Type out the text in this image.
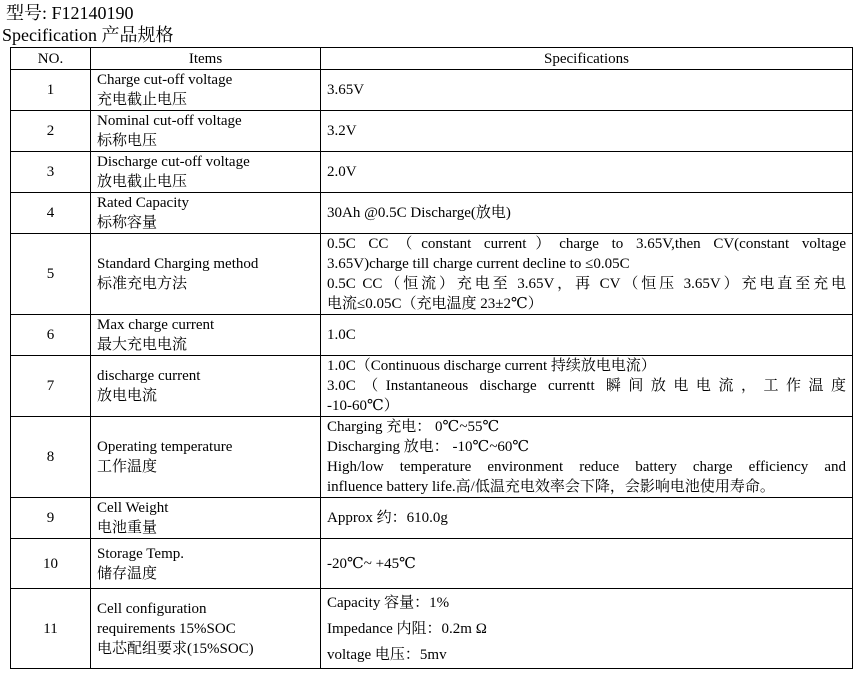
型号: F12140190
Specification 产品规格
NO.	Items	Specifications
1	Charge cut-off voltage
充电截止电压	3.65V

2	Nominal cut-off voltage
标称电压	3.2V

3	Discharge cut-off voltage
放电截止电压	2.0V

4	Rated Capacity
标称容量	30Ah @0.5C Discharge(放电)

5	Standard Charging method
标准充电方法	0.5C CC（constant current）charge to 3.65V,then CV(constant voltage
3.65V)charge till charge current decline to ≤0.05C
0.5C CC（恒流）充电至 3.65V，再 CV（恒压 3.65V）充电直至充电
电流≤0.05C（充电温度 23±2℃）

6	Max charge current
最大充电电流	1.0C

7	discharge current
放电电流	1.0C（Continuous discharge current 持续放电电流）
3.0C（Instantaneous discharge currentt 瞬间放电电流，工作温度
-10-60℃）

8	Operating temperature
工作温度	Charging 充电： 0℃~55℃
Discharging 放电： -10℃~60℃
High/low temperature environment reduce battery charge efficiency and
influence battery life.高/低温充电效率会下降，会影响电池使用寿命。

9	Cell Weight
电池重量	Approx 约：610.0g

10	Storage Temp.
储存温度	-20℃~ +45℃

11	Cell configuration
requirements 15%SOC
电芯配组要求(15%SOC)	Capacity 容量：1%
Impedance 内阻：0.2m Ω
voltage 电压：5mv
